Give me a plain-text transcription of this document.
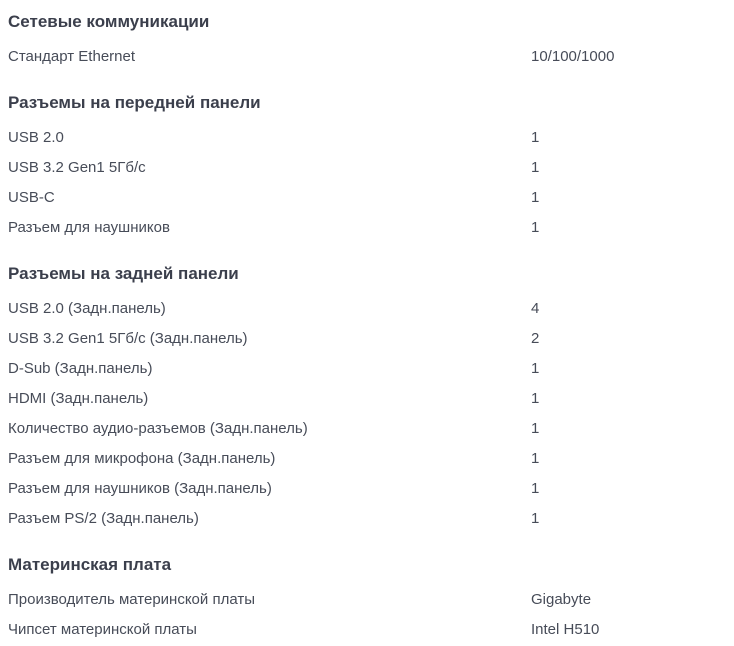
Сетевые коммуникации
Стандарт Ethernet	10/100/1000
Разъемы на передней панели
USB 2.0	1
USB 3.2 Gen1 5Гб/с	1
USB-C	1
Разъем для наушников	1
Разъемы на задней панели
USB 2.0 (Задн.панель)	4
USB 3.2 Gen1 5Гб/с (Задн.панель)	2
D-Sub (Задн.панель)	1
HDMI (Задн.панель)	1
Количество аудио-разъемов (Задн.панель)	1
Разъем для микрофона (Задн.панель)	1
Разъем для наушников (Задн.панель)	1
Разъем PS/2 (Задн.панель)	1
Материнская плата
Производитель материнской платы	Gigabyte
Чипсет материнской платы	Intel H510
